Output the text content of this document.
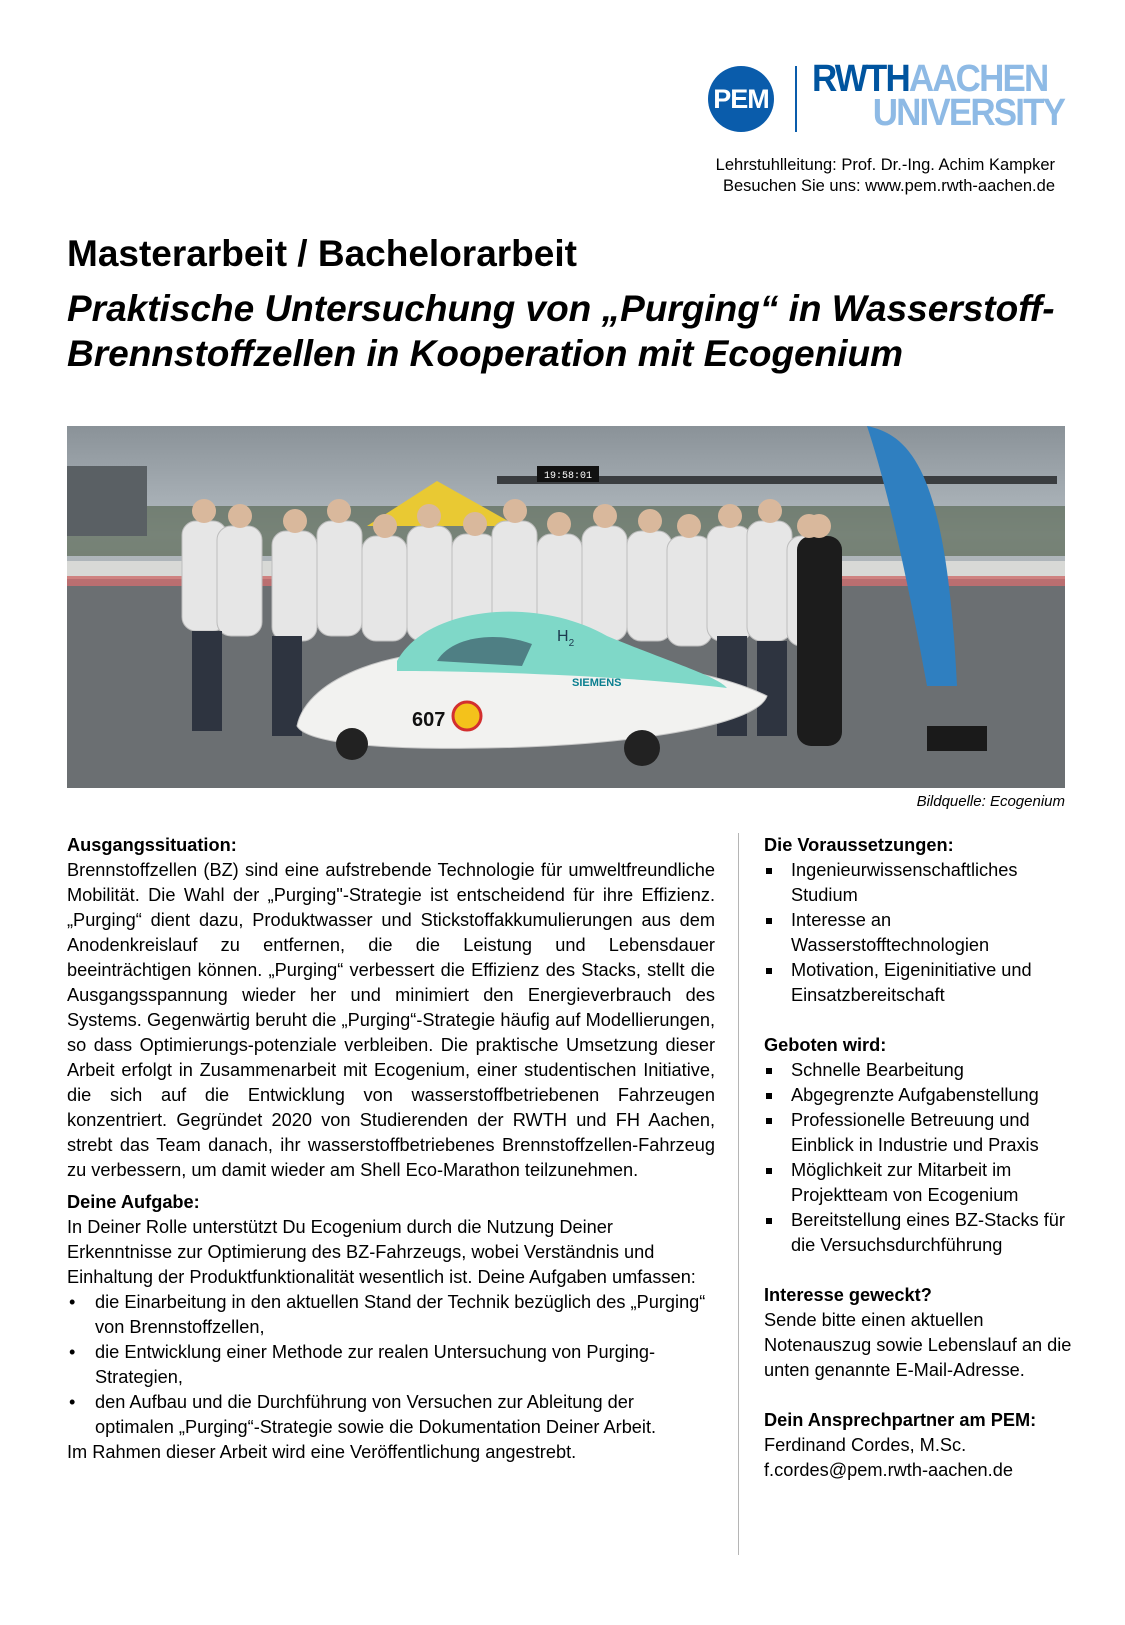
PEM RWTHAACHEN
UNIVERSITY
Lehrstuhlleitung: Prof. Dr.-Ing. Achim Kampker
Besuchen Sie uns: www.pem.rwth-aachen.de
Masterarbeit / Bachelorarbeit
Praktische Untersuchung von „Purging“ in Wasserstoff-Brennstoffzellen in Kooperation mit Ecogenium
19:58:01
607
SIEMENS
$H_2$
Bildquelle: Ecogenium
Ausgangssituation:

Brennstoffzellen (BZ) sind eine aufstrebende Technologie für umweltfreundliche Mobilität. Die Wahl der „Purging"-Strategie ist entscheidend für ihre Effizienz. „Purging“ dient dazu, Produktwasser und Stickstoffakkumulierungen aus dem Anodenkreislauf zu entfernen, die die Leistung und Lebensdauer beeinträchtigen können. „Purging“ verbessert die Effizienz des Stacks, stellt die Ausgangsspannung wieder her und minimiert den Energieverbrauch des Systems. Gegenwärtig beruht die „Purging“-Strategie häufig auf Modellierungen, so dass Optimierungs-potenziale verbleiben. Die praktische Umsetzung dieser Arbeit erfolgt in Zusammenarbeit mit Ecogenium, einer studentischen Initiative, die sich auf die Entwicklung von wasserstoffbetriebenen Fahrzeugen konzentriert. Gegründet 2020 von Studierenden der RWTH und FH Aachen, strebt das Team danach, ihr wasserstoffbetriebenes Brennstoffzellen-Fahrzeug zu verbessern, um damit wieder am Shell Eco-Marathon teilzunehmen.

Deine Aufgabe:

In Deiner Rolle unterstützt Du Ecogenium durch die Nutzung Deiner Erkenntnisse zur Optimierung des BZ-Fahrzeugs, wobei Verständnis und Einhaltung der Produktfunktionalität wesentlich ist. Deine Aufgaben umfassen:

• die Einarbeitung in den aktuellen Stand der Technik bezüglich des „Purging“ von Brennstoffzellen,
• die Entwicklung einer Methode zur realen Untersuchung von Purging-Strategien,
• den Aufbau und die Durchführung von Versuchen zur Ableitung der optimalen „Purging“-Strategie sowie die Dokumentation Deiner Arbeit.

Im Rahmen dieser Arbeit wird eine Veröffentlichung angestrebt.

Die Voraussetzungen:
Ingenieurwissenschaftliches Studium
Interesse an Wasserstofftechnologien
Motivation, Eigeninitiative und Einsatzbereitschaft
Geboten wird:
Schnelle Bearbeitung
Abgegrenzte Aufgabenstellung
Professionelle Betreuung und Einblick in Industrie und Praxis
Möglichkeit zur Mitarbeit im Projektteam von Ecogenium
Bereitstellung eines BZ-Stacks für die Versuchsdurchführung
Interesse geweckt?

Sende bitte einen aktuellen Notenauszug sowie Lebenslauf an die unten genannte E-Mail-Adresse.

Dein Ansprechpartner am PEM:
Ferdinand Cordes, M.Sc.
f.cordes@pem.rwth-aachen.de
